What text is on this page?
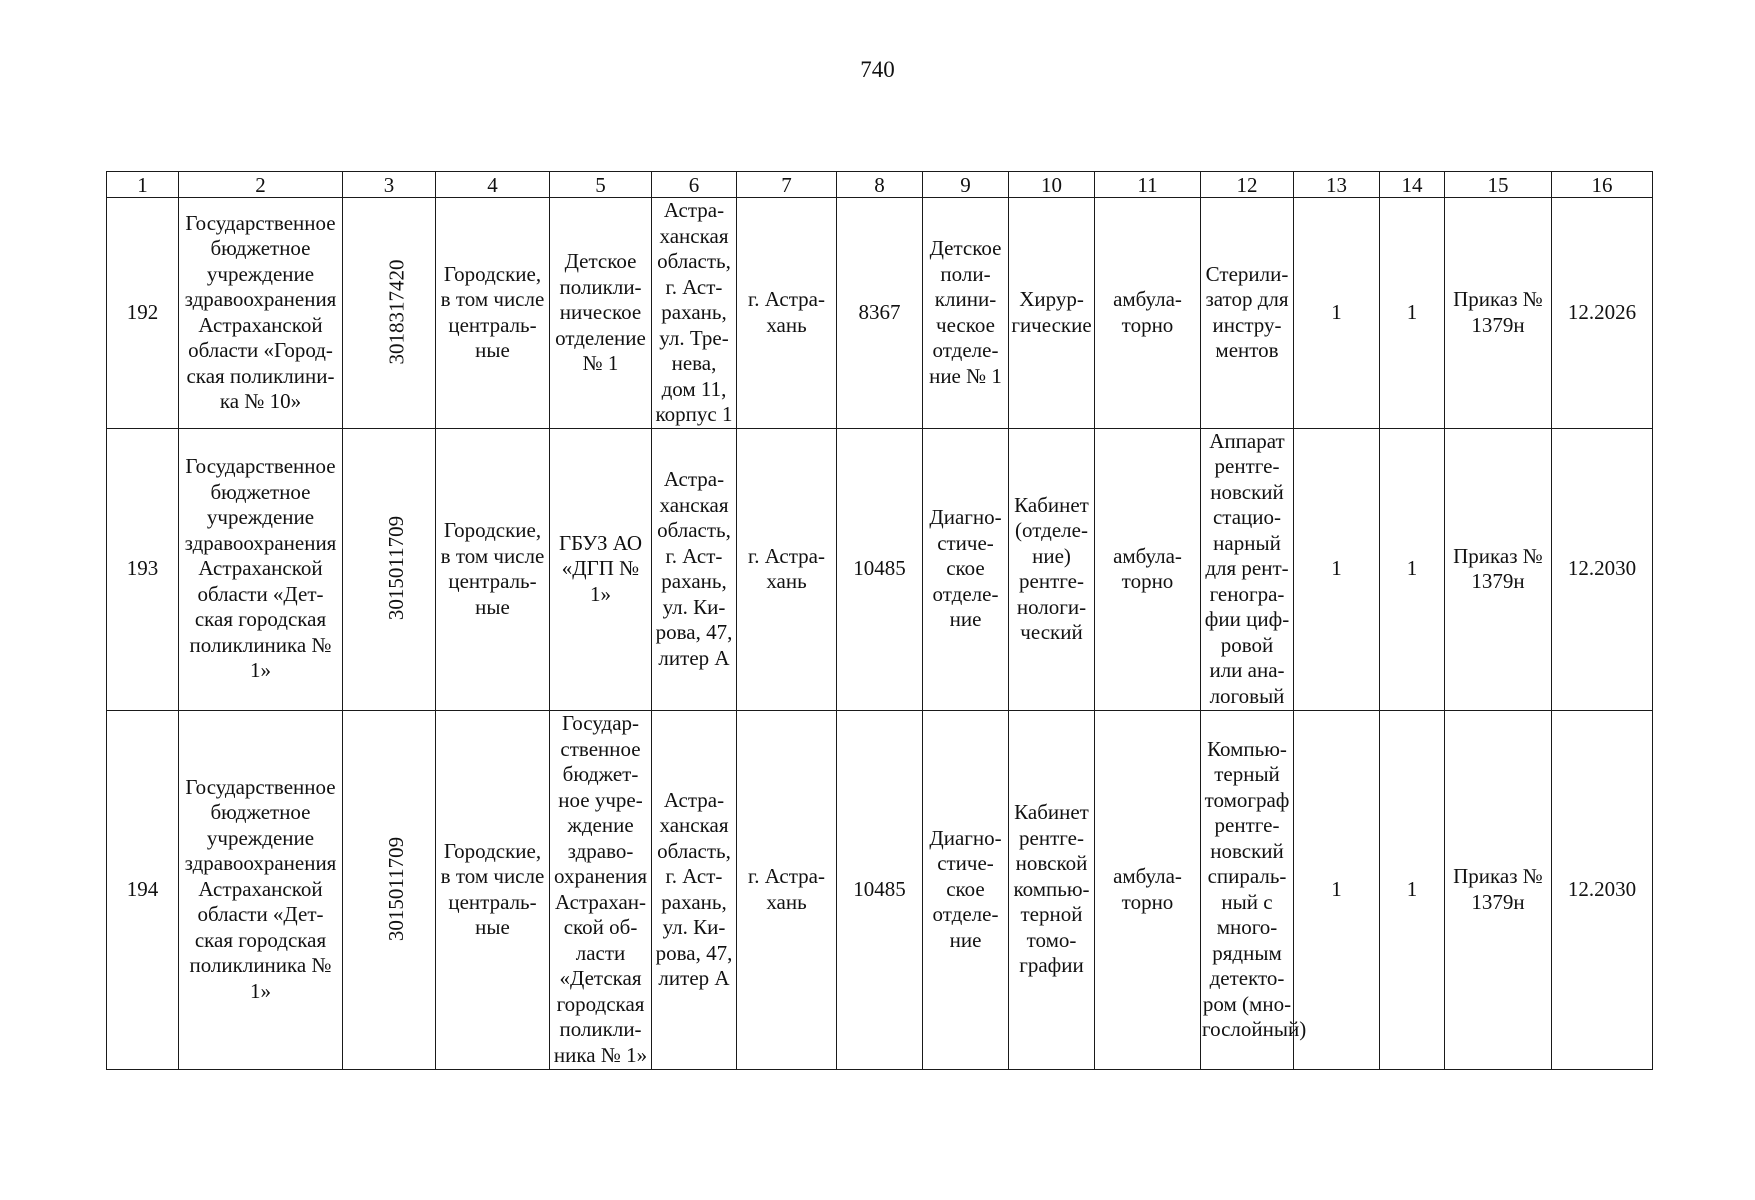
740
1	2	3	4	5	6	7	8	9	10	11	12	13	14	15	16
192	Государственное бюджетное учреждение здравоохранения Астраханской области «Город-ская поликлини-ка № 10»	3018317420	Городские, в том числе централь-ные	Детское поликли-ническое отделение № 1	Астра-ханская область, г. Аст-рахань, ул. Тре-нева, дом 11, корпус 1	г. Астра-хань	8367	Детское поли-клини-ческое отделе-ние № 1	Хирур-гические	амбула-торно	Стерили-затор для инстру-ментов	1	1	Приказ № 1379н	12.2026
193	Государственное бюджетное учреждение здравоохранения Астраханской области «Дет-ская городская поликлиника № 1»	3015011709	Городские, в том числе централь-ные	ГБУЗ АО «ДГП № 1»	Астра-ханская область, г. Аст-рахань, ул. Ки-рова, 47, литер А	г. Астра-хань	10485	Диагно-стиче-ское отделе-ние	Кабинет (отделе-ние) рентге-нологи-ческий	амбула-торно	Аппарат рентге-новский стацио-нарный для рент-геногра-фии циф-ровой или ана-логовый	1	1	Приказ № 1379н	12.2030
194	Государственное бюджетное учреждение здравоохранения Астраханской области «Дет-ская городская поликлиника № 1»	3015011709	Городские, в том числе централь-ные	Государ-ственное бюджет-ное учре-ждение здраво-охранения Астрахан-ской об-ласти «Детская городская поликли-ника № 1»	Астра-ханская область, г. Аст-рахань, ул. Ки-рова, 47, литер А	г. Астра-хань	10485	Диагно-стиче-ское отделе-ние	Кабинет рентге-новской компью-терной томо-графии	амбула-торно	Компью-терный томограф рентге-новский спираль-ный с много-рядным детекто-ром (мно-гослойный)	1	1	Приказ № 1379н	12.2030
